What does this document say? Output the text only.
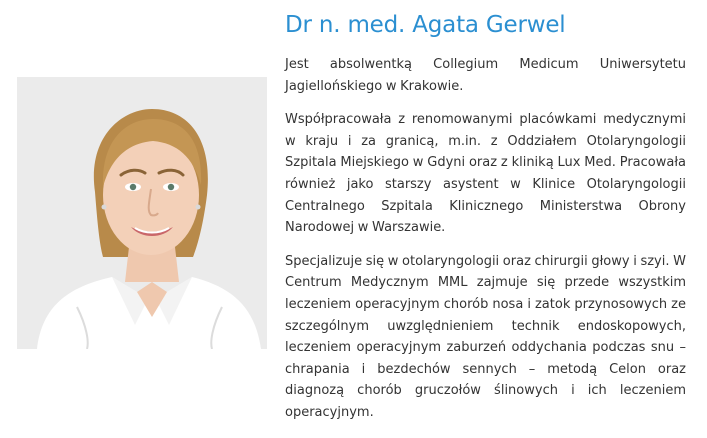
Dr n. med. Agata Gerwel

Jest absolwentką Collegium Medicum Uniwersytetu Jagiellońskiego w Krakowie.

Współpracowała z renomowanymi placówkami medycznymi w kraju i za granicą, m.in. z Oddziałem Otolaryngologii Szpitala Miejskiego w Gdyni oraz z kliniką Lux Med. Pracowała również jako starszy asystent w Klinice Otolaryngologii Centralnego Szpitala Klinicznego Ministerstwa Obrony Narodowej w Warszawie.

Specjalizuje się w otolaryngologii oraz chirurgii głowy i szyi. W Centrum Medycznym MML zajmuje się przede wszystkim leczeniem operacyjnym chorób nosa i zatok przynosowych ze szczególnym uwzględnieniem technik endoskopowych, leczeniem operacyjnym zaburzeń oddychania podczas snu – chrapania i bezdechów sennych – metodą Celon oraz diagnozą chorób gruczołów ślinowych i ich leczeniem operacyjnym.
